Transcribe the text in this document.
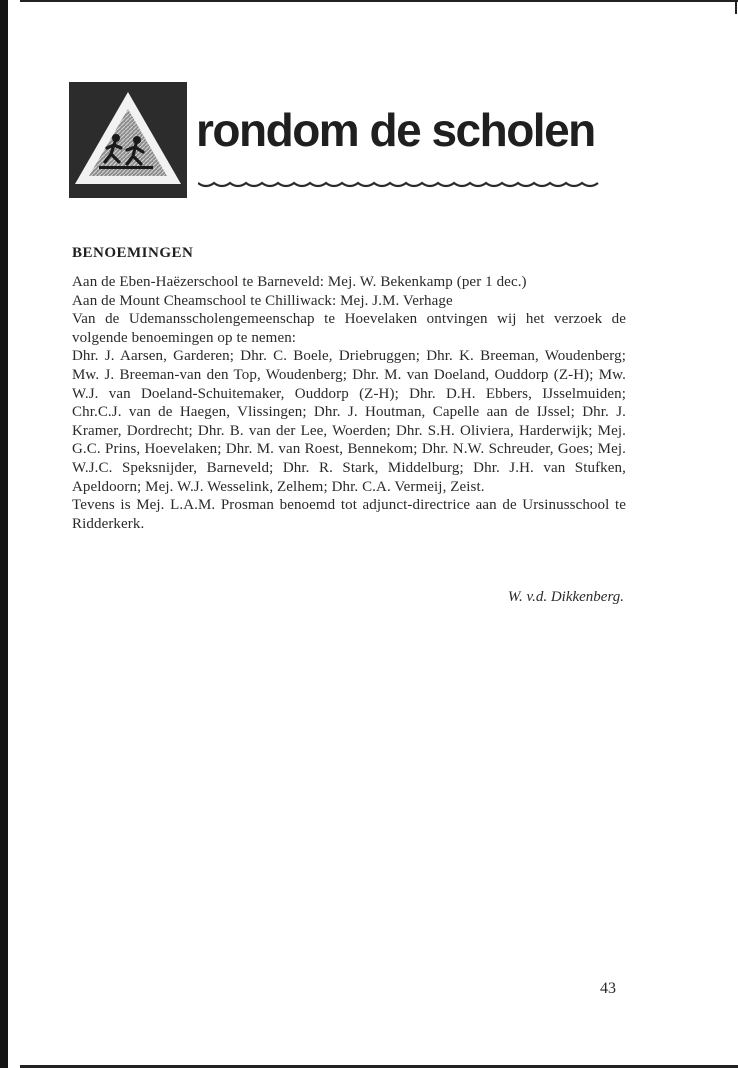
rondom de scholen
BENOEMINGEN

Aan de Eben-Haëzerschool te Barneveld: Mej. W. Bekenkamp (per 1 dec.)

Aan de Mount Cheamschool te Chilliwack: Mej. J.M. Verhage

Van de Udemansscholengemeenschap te Hoevelaken ontvingen wij het verzoek de volgende benoemingen op te nemen:

Dhr. J. Aarsen, Garderen; Dhr. C. Boele, Driebruggen; Dhr. K. Breeman, Woudenberg; Mw. J. Breeman-van den Top, Woudenberg; Dhr. M. van Doeland, Ouddorp (Z-H); Mw. W.J. van Doeland-Schuitemaker, Ouddorp (Z-H); Dhr. D.H. Ebbers, IJsselmuiden; Chr.C.J. van de Haegen, Vlissingen; Dhr. J. Houtman, Capelle aan de IJssel; Dhr. J. Kramer, Dordrecht; Dhr. B. van der Lee, Woerden; Dhr. S.H. Oliviera, Harderwijk; Mej. G.C. Prins, Hoevelaken; Dhr. M. van Roest, Bennekom; Dhr. N.W. Schreuder, Goes; Mej. W.J.C. Speksnijder, Barneveld; Dhr. R. Stark, Middelburg; Dhr. J.H. van Stufken, Apeldoorn; Mej. W.J. Wesselink, Zelhem; Dhr. C.A. Vermeij, Zeist.

Tevens is Mej. L.A.M. Prosman benoemd tot adjunct-directrice aan de Ursinusschool te Ridderkerk.

W. v.d. Dikkenberg.
43
